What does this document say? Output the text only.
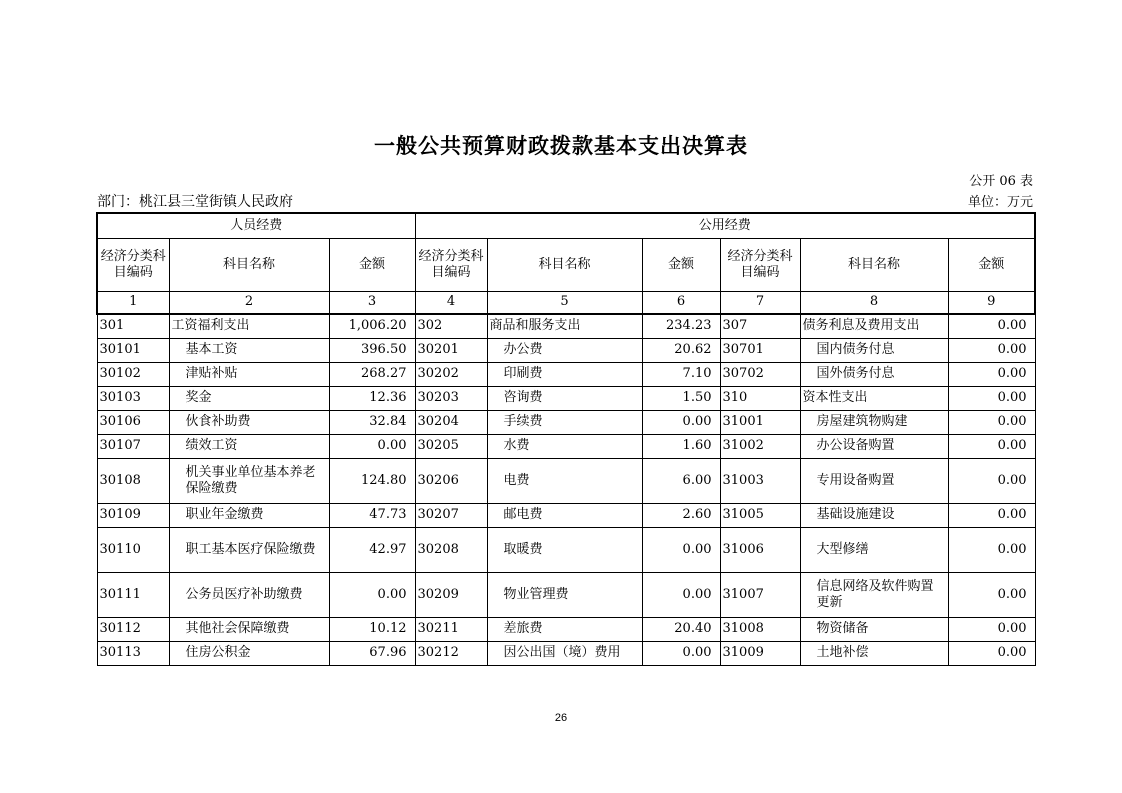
一般公共预算财政拨款基本支出决算表
公开 06 表
部门：桃江县三堂街镇人民政府	单位：万元
人员经费			公用经费					
经济分类科目编码	科目名称	金额	经济分类科目编码	科目名称	金额	经济分类科目编码	科目名称	金额
1	2	3	4	5	6	7	8	9
301	工资福利支出	1,006.20	302	商品和服务支出	234.23	307	债务利息及费用支出	0.00
30101	基本工资	396.50	30201	办公费	20.62	30701	国内债务付息	0.00
30102	津贴补贴	268.27	30202	印刷费	7.10	30702	国外债务付息	0.00
30103	奖金	12.36	30203	咨询费	1.50	310	资本性支出	0.00
30106	伙食补助费	32.84	30204	手续费	0.00	31001	房屋建筑物购建	0.00
30107	绩效工资	0.00	30205	水费	1.60	31002	办公设备购置	0.00
30108	机关事业单位基本养老保险缴费	124.80	30206	电费	6.00	31003	专用设备购置	0.00
30109	职业年金缴费	47.73	30207	邮电费	2.60	31005	基础设施建设	0.00
30110	职工基本医疗保险缴费	42.97	30208	取暖费	0.00	31006	大型修缮	0.00
30111	公务员医疗补助缴费	0.00	30209	物业管理费	0.00	31007	信息网络及软件购置更新	0.00
30112	其他社会保障缴费	10.12	30211	差旅费	20.40	31008	物资储备	0.00
30113	住房公积金	67.96	30212	因公出国（境）费用	0.00	31009	土地补偿	0.00
26
